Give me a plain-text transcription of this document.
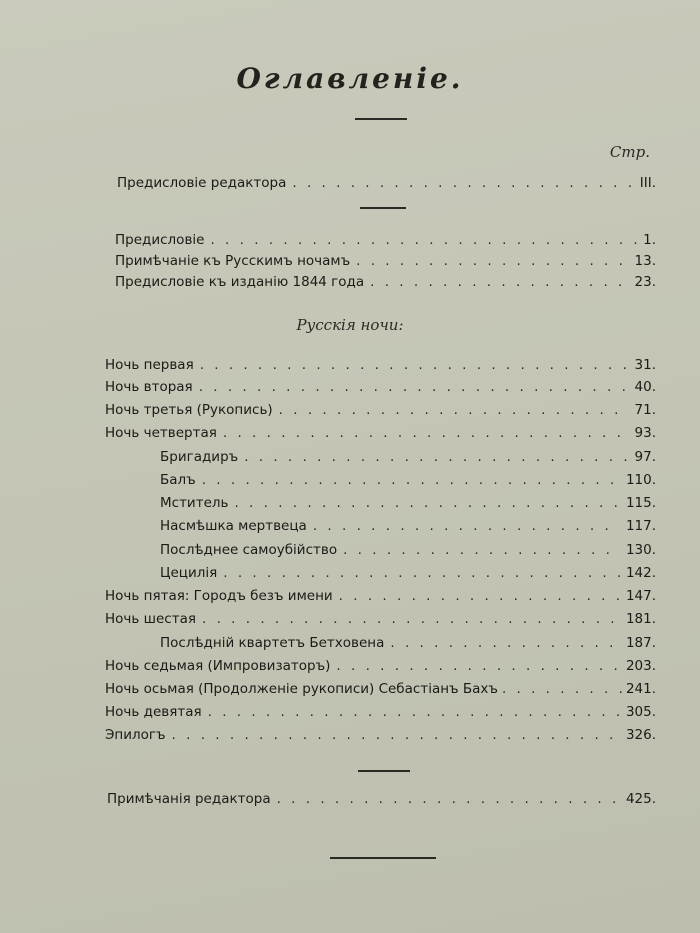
Оглавленіе.
Стр.
Предисловіе редактора . . .	III.
Предисловіе . . .	1.
Примѣчаніе къ Русскимъ ночамъ . . .	13.
Предисловіе къ изданію 1844 года . . .	23.
Русскія ночи:
Ночь первая . . .	31.
Ночь вторая . . .	40.
Ночь третья (Рукопись) . . .	71.
Ночь четвертая . . .	93.
Бригадиръ . . .	97.
Балъ . . .	110.
Мститель . . .	115.
Насмѣшка мертвеца . . .	117.
Послѣднее самоубійство . . .	130.
Цецилія . . .	142.
Ночь пятая: Городъ безъ имени . . .	147.
Ночь шестая . . .	181.
Послѣдній квартетъ Бетховена . . .	187.
Ночь седьмая (Импровизаторъ) . . .	203.
Ночь осьмая (Продолженіе рукописи) Себастіанъ Бахъ . . .	241.
Ночь девятая . . .	305.
Эпилогъ . . .	326.
Примѣчанія редактора . . .	425.
